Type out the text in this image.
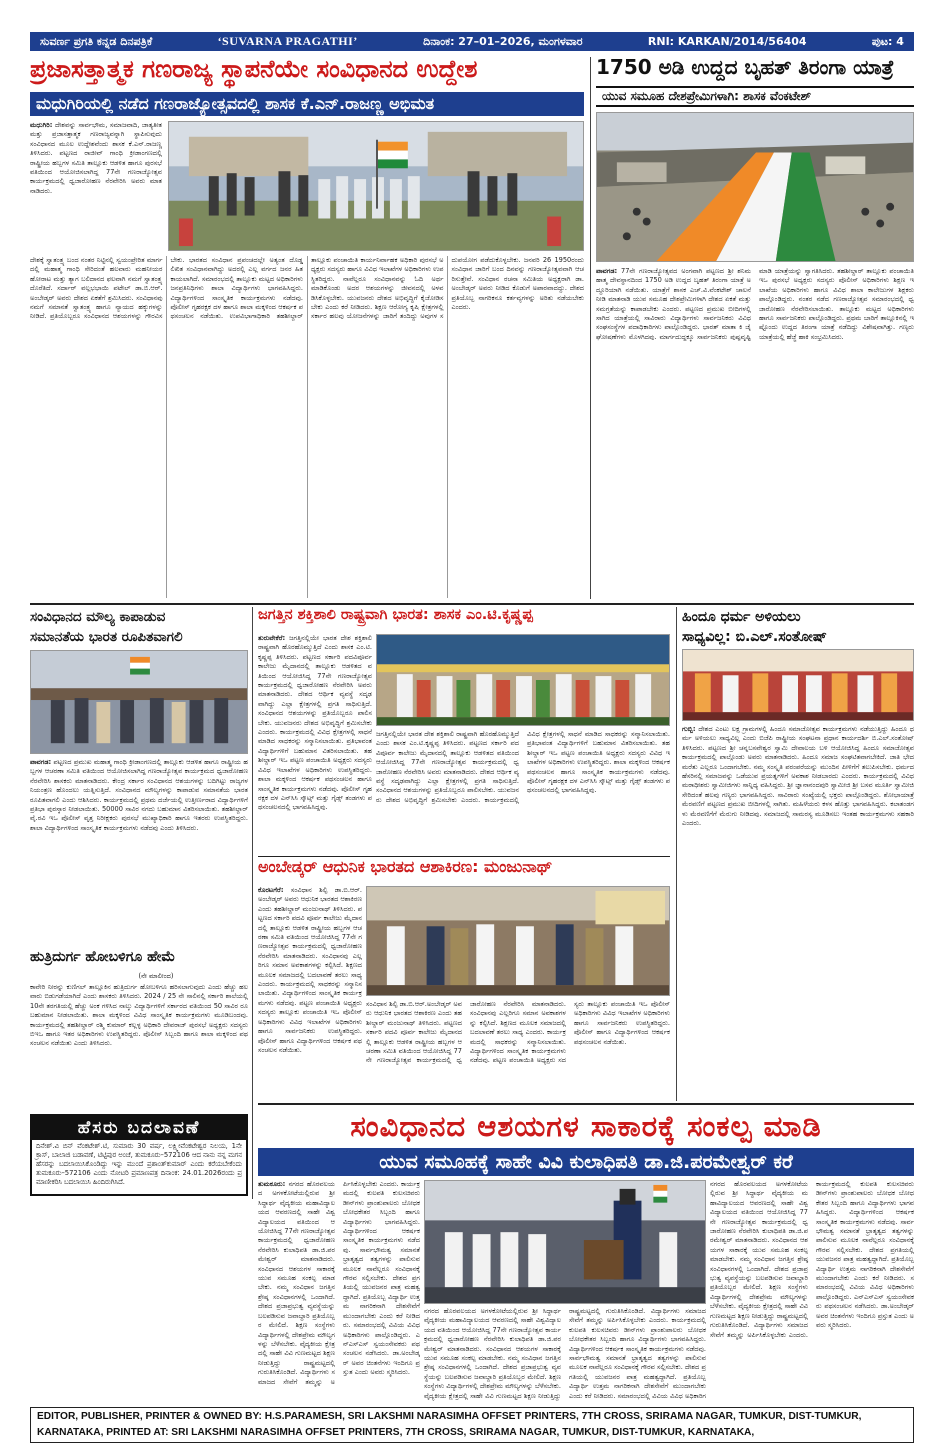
ಸುವರ್ಣ ಪ್ರಗತಿ ಕನ್ನಡ ದಿನಪತ್ರಿಕೆ	‘SUVARNA PRAGATHI’	ದಿನಾಂಕ: 27–01–2026, ಮಂಗಳವಾರ	RNI: KARKAN/2014/56404	ಪುಟ: 4
ಪ್ರಜಾಸತ್ತಾತ್ಮಕ ಗಣರಾಜ್ಯ ಸ್ಥಾಪನೆಯೇ ಸಂವಿಧಾನದ ಉದ್ದೇಶ
ಮಧುಗಿರಿಯಲ್ಲಿ ನಡೆದ ಗಣರಾಜ್ಯೋತ್ಸವದಲ್ಲಿ ಶಾಸಕ ಕೆ.ಎನ್.ರಾಜಣ್ಣ ಅಭಿಮತ
ಮಧುಗಿರಿ: ದೇಶವನ್ನು ಸಾರ್ವಭೌಮ, ಸಮಾಜವಾದಿ, ಜಾತ್ಯತೀತ ಮತ್ತು ಪ್ರಜಾಸತ್ತಾತ್ಮಕ ಗಣರಾಜ್ಯವನ್ನಾಗಿ ಸ್ಥಾಪಿಸುವುದು ಸಂವಿಧಾನದ ಮೂಲ ಉದ್ದೇಶವೆಂದು ಶಾಸಕ ಕೆ.ಎನ್.ರಾಜಣ್ಣ ತಿಳಿಸಿದರು. ಪಟ್ಟಣದ ರಾಜೀವ್ ಗಾಂಧಿ ಕ್ರೀಡಾಂಗಣದಲ್ಲಿ ರಾಷ್ಟ್ರೀಯ ಹಬ್ಬಗಳ ಸಮಿತಿ ತಾಲ್ಲೂಕು ಆಡಳಿತ ಹಾಗೂ ಪುರಸಭೆ ವತಿಯಿಂದ ಆಯೋಜಿಸಲಾಗಿದ್ದ 77ನೇ ಗಣರಾಜ್ಯೋತ್ಸವ ಕಾರ್ಯಕ್ರಮದಲ್ಲಿ ಧ್ವಜಾರೋಹಣ ನೆರವೇರಿಸಿ ಅವರು ಮಾತನಾಡಿದರು.
ದೇಶಕ್ಕೆ ಸ್ವಾತಂತ್ರ್ಯ ಬಂದ ನಂತರ ನಿಟ್ಟಿನಲ್ಲಿ ಸ್ವಯಂಪ್ರೇರಿತ ಮಾರ್ಗದಲ್ಲಿ ಮಹಾತ್ಮ ಗಾಂಧಿ ಸೇರಿದಂತೆ ಹಲವಾರು ಮಹನೀಯರ ಹೋರಾಟ ಮತ್ತು ತ್ಯಾಗ ಬಲಿದಾನದ ಫಲವಾಗಿ ನಮಗೆ ಸ್ವಾತಂತ್ರ್ಯ ದೊರೆತಿದೆ. ಸರ್ದಾರ್ ವಲ್ಲಭಭಾಯಿ ಪಟೇಲ್ ಡಾ.ಬಿ.ಆರ್.ಅಂಬೇಡ್ಕರ್ ಅವರು ದೇಶದ ಏಕತೆಗೆ ಶ್ರಮಿಸಿದರು. ಸಂವಿಧಾನವು ನಮಗೆ ಸಮಾನತೆ ಸ್ವಾತಂತ್ರ್ಯ ಹಾಗೂ ನ್ಯಾಯದ ಹಕ್ಕುಗಳನ್ನು ನೀಡಿದೆ. ಪ್ರತಿಯೊಬ್ಬರೂ ಸಂವಿಧಾನದ ಆಶಯಗಳನ್ನು ಗೌರವಿಸಬೇಕು. ಭಾರತದ ಸಂವಿಧಾನ ಪ್ರಪಂಚದಲ್ಲೇ ಅತ್ಯಂತ ದೊಡ್ಡ ಲಿಖಿತ ಸಂವಿಧಾನವಾಗಿದ್ದು ಅದರಲ್ಲಿ ಎಲ್ಲ ವರ್ಗದ ಜನರ ಹಿತ ಕಾಯಲಾಗಿದೆ. ಸಮಾರಂಭದಲ್ಲಿ ತಾಲ್ಲೂಕು ಮಟ್ಟದ ಅಧಿಕಾರಿಗಳು ಜನಪ್ರತಿನಿಧಿಗಳು ಶಾಲಾ ವಿದ್ಯಾರ್ಥಿಗಳು ಭಾಗವಹಿಸಿದ್ದರು. ವಿದ್ಯಾರ್ಥಿಗಳಿಂದ ಸಾಂಸ್ಕೃತಿಕ ಕಾರ್ಯಕ್ರಮಗಳು ನಡೆದವು. ಪೊಲೀಸ್ ಗೃಹರಕ್ಷಕ ದಳ ಹಾಗೂ ಶಾಲಾ ಮಕ್ಕಳಿಂದ ಆಕರ್ಷಕ ಪಥಸಂಚಲನ ನಡೆಯಿತು. ಉಪವಿಭಾಗಾಧಿಕಾರಿ ತಹಶೀಲ್ದಾರ್ ತಾಲ್ಲೂಕು ಪಂಚಾಯಿತಿ ಕಾರ್ಯನಿರ್ವಾಹಕ ಅಧಿಕಾರಿ ಪುರಸಭೆ ಅಧ್ಯಕ್ಷರು ಸದಸ್ಯರು ಹಾಗೂ ವಿವಿಧ ಇಲಾಖೆಗಳ ಅಧಿಕಾರಿಗಳು ಉಪಸ್ಥಿತರಿದ್ದರು. ನಾವೆಲ್ಲರೂ ಸಂವಿಧಾನವನ್ನು ಓದಿ ಅರ್ಥ ಮಾಡಿಕೊಂಡು ಅದರ ಆಶಯಗಳನ್ನು ಜೀವನದಲ್ಲಿ ಅಳವಡಿಸಿಕೊಳ್ಳಬೇಕು. ಯುವಜನರು ದೇಶದ ಅಭಿವೃದ್ಧಿಗೆ ಕೈಜೋಡಿಸಬೇಕು ಎಂದು ಕರೆ ನೀಡಿದರು. ಶಿಕ್ಷಣ ಆರೋಗ್ಯ ಕೃಷಿ ಕ್ಷೇತ್ರಗಳಲ್ಲಿ ಸರ್ಕಾರ ಹಲವು ಯೋಜನೆಗಳನ್ನು ಜಾರಿಗೆ ತಂದಿದ್ದು ಅವುಗಳ ಸದುಪಯೋಗ ಪಡೆದುಕೊಳ್ಳಬೇಕು. ಜನವರಿ 26 1950ರಂದು ಸಂವಿಧಾನ ಜಾರಿಗೆ ಬಂದ ದಿನವನ್ನು ಗಣರಾಜ್ಯೋತ್ಸವವಾಗಿ ಆಚರಿಸುತ್ತೇವೆ. ಸಂವಿಧಾನ ರಚನಾ ಸಮಿತಿಯ ಅಧ್ಯಕ್ಷರಾಗಿ ಡಾ.ಅಂಬೇಡ್ಕರ್ ಅವರು ನೀಡಿದ ಕೊಡುಗೆ ಅಪಾರವಾದದ್ದು. ದೇಶದ ಪ್ರತಿಯೊಬ್ಬ ನಾಗರಿಕನೂ ಕರ್ತವ್ಯಗಳನ್ನು ಅರಿತು ನಡೆಯಬೇಕು ಎಂದರು.
1750 ಅಡಿ ಉದ್ದದ ಬೃಹತ್ ತಿರಂಗಾ ಯಾತ್ರೆ
ಯುವ ಸಮೂಹ ದೇಶಪ್ರೇಮಿಗಳಾಗಿ: ಶಾಸಕ ವೆಂಕಟೇಶ್
ಪಾವಗಡ: 77ನೇ ಗಣರಾಜ್ಯೋತ್ಸವದ ಅಂಗವಾಗಿ ಪಟ್ಟಣದ ಶ್ರೀ ಶನಿಮಹಾತ್ಮ ದೇವಸ್ಥಾನದಿಂದ 1750 ಅಡಿ ಉದ್ದದ ಬೃಹತ್ ತಿರಂಗಾ ಯಾತ್ರೆ ಅದ್ದೂರಿಯಾಗಿ ನಡೆಯಿತು. ಯಾತ್ರೆಗೆ ಶಾಸಕ ಎಚ್.ವಿ.ವೆಂಕಟೇಶ್ ಚಾಲನೆ ನೀಡಿ ಮಾತನಾಡಿ ಯುವ ಸಮೂಹ ದೇಶಪ್ರೇಮಿಗಳಾಗಿ ದೇಶದ ಏಕತೆ ಮತ್ತು ಸಮಗ್ರತೆಯನ್ನು ಕಾಪಾಡಬೇಕು ಎಂದರು. ಪಟ್ಟಣದ ಪ್ರಮುಖ ಬೀದಿಗಳಲ್ಲಿ ಸಾಗಿದ ಯಾತ್ರೆಯಲ್ಲಿ ಸಾವಿರಾರು ವಿದ್ಯಾರ್ಥಿಗಳು ಸಾರ್ವಜನಿಕರು ವಿವಿಧ ಸಂಘಸಂಸ್ಥೆಗಳ ಪದಾಧಿಕಾರಿಗಳು ಪಾಲ್ಗೊಂಡಿದ್ದರು. ಭಾರತ್ ಮಾತಾ ಕಿ ಜೈ ಘೋಷಣೆಗಳು ಮೊಳಗಿದವು. ಮಾರ್ಗದುದ್ದಕ್ಕೂ ಸಾರ್ವಜನಿಕರು ಪುಷ್ಪವೃಷ್ಟಿ ಮಾಡಿ ಯಾತ್ರೆಯನ್ನು ಸ್ವಾಗತಿಸಿದರು. ತಹಶೀಲ್ದಾರ್ ತಾಲ್ಲೂಕು ಪಂಚಾಯಿತಿ ಇಒ ಪುರಸಭೆ ಅಧ್ಯಕ್ಷರು ಸದಸ್ಯರು ಪೊಲೀಸ್ ಅಧಿಕಾರಿಗಳು ಶಿಕ್ಷಣ ಇಲಾಖೆಯ ಅಧಿಕಾರಿಗಳು ಹಾಗೂ ವಿವಿಧ ಶಾಲಾ ಕಾಲೇಜುಗಳ ಶಿಕ್ಷಕರು ಪಾಲ್ಗೊಂಡಿದ್ದರು. ನಂತರ ನಡೆದ ಗಣರಾಜ್ಯೋತ್ಸವ ಸಮಾರಂಭದಲ್ಲಿ ಧ್ವಜಾರೋಹಣ ನೆರವೇರಿಸಲಾಯಿತು. ತಾಲ್ಲೂಕು ಮಟ್ಟದ ಅಧಿಕಾರಿಗಳು ಹಾಗೂ ಸಾರ್ವಜನಿಕರು ಪಾಲ್ಗೊಂಡಿದ್ದರು. ಪ್ರಥಮ ಬಾರಿಗೆ ತಾಲ್ಲೂಕಿನಲ್ಲಿ ಇಷ್ಟೊಂದು ಉದ್ದದ ತಿರಂಗಾ ಯಾತ್ರೆ ನಡೆದಿದ್ದು ವಿಶೇಷವಾಗಿತ್ತು. ಗಣ್ಯರು ಯಾತ್ರೆಯಲ್ಲಿ ಹೆಜ್ಜೆ ಹಾಕಿ ಸಂಭ್ರಮಿಸಿದರು.
ಸಂವಿಧಾನದ ಮೌಲ್ಯ ಕಾಪಾಡುವ
ಸಮಾನತೆಯ ಭಾರತ ರೂಪಿತವಾಗಲಿ
ಪಾವಗಡ: ಪಟ್ಟಣದ ಪ್ರಮುಖ ಮಹಾತ್ಮ ಗಾಂಧಿ ಕ್ರೀಡಾಂಗಣದಲ್ಲಿ ತಾಲ್ಲೂಕು ಆಡಳಿತ ಹಾಗೂ ರಾಷ್ಟ್ರೀಯ ಹಬ್ಬಗಳ ಆಚರಣಾ ಸಮಿತಿ ವತಿಯಿಂದ ಆಯೋಜಿಸಲಾಗಿದ್ದ ಗಣರಾಜ್ಯೋತ್ಸವ ಕಾರ್ಯಕ್ರಮದ ಧ್ವಜಾರೋಹಣ ನೆರವೇರಿಸಿ ಶಾಸಕರು ಮಾತನಾಡಿದರು. ಕೇಂದ್ರ ಸರ್ಕಾರ ಸಂವಿಧಾನದ ಆಶಯಗಳನ್ನು ಬದಿಗಿಟ್ಟು ರಾಜ್ಯಗಳ ನಿಯಂತ್ರಣ ಹೊಂದಲು ಯತ್ನಿಸುತ್ತಿದೆ. ಸಂವಿಧಾನದ ಮೌಲ್ಯಗಳನ್ನು ಕಾಪಾಡುವ ಸಮಾನತೆಯ ಭಾರತ ರೂಪಿತವಾಗಲಿ ಎಂದು ಆಶಿಸಿದರು. ಕಾರ್ಯಕ್ರಮದಲ್ಲಿ ಪ್ರಥಮ ದರ್ಜೆಯಲ್ಲಿ ಉತ್ತೀರ್ಣರಾದ ವಿದ್ಯಾರ್ಥಿಗಳಿಗೆ ಪ್ರತಿಭಾ ಪುರಸ್ಕಾರ ನೀಡಲಾಯಿತು. 50000 ಸಾವಿರ ನಗದು ಬಹುಮಾನ ವಿತರಿಸಲಾಯಿತು. ತಹಶೀಲ್ದಾರ್ ವೈ.ರವಿ ಇಒ ಪೊಲೀಸ್ ವೃತ್ತ ನಿರೀಕ್ಷಕರು ಪುರಸಭೆ ಮುಖ್ಯಾಧಿಕಾರಿ ಹಾಗೂ ಇತರರು ಉಪಸ್ಥಿತರಿದ್ದರು. ಶಾಲಾ ವಿದ್ಯಾರ್ಥಿಗಳಿಂದ ಸಾಂಸ್ಕೃತಿಕ ಕಾರ್ಯಕ್ರಮಗಳು ನಡೆದವು ಎಂದು ತಿಳಿಸಿದರು.
ಹುತ್ರಿದುರ್ಗ ಹೋಬಳಿಗೂ ಹೇಮೆ
(ನೇ ಮಾಲೀಂದ)
ಕಾವೇರಿ ನೀರನ್ನು ಕುಣಿಗಲ್ ತಾಲ್ಲೂಕಿನ ಹುತ್ರಿದುರ್ಗ ಹೋಬಳಿಗೂ ಹರಿಸಲಾಗುವುದು ಎಂದು ಹೆಚ್ಚು ಹಲವಾರು ಬಿಡುಗಡೆಯಾಗಿದೆ ಎಂದು ಶಾಸಕರು ತಿಳಿಸಿದರು. 2024 / 25 ನೇ ಸಾಲಿನಲ್ಲಿ ಸರ್ಕಾರಿ ಶಾಲೆಯಲ್ಲಿ 10ನೇ ತರಗತಿಯಲ್ಲಿ ಹೆಚ್ಚು ಅಂಕ ಗಳಿಸಿದ ನಾಲ್ಕು ವಿದ್ಯಾರ್ಥಿಗಳಿಗೆ ಸರ್ಕಾರದ ವತಿಯಿಂದ 50 ಸಾವಿರ ರೂ ಬಹುಮಾನ ನೀಡಲಾಯಿತು. ಶಾಲಾ ಮಕ್ಕಳಿಂದ ವಿವಿಧ ಸಾಂಸ್ಕೃತಿಕ ಕಾರ್ಯಕ್ರಮಗಳು ಮೂಡಿಬಂದವು. ಕಾರ್ಯಕ್ರಮದಲ್ಲಿ ತಹಶೀಲ್ದಾರ್ ರಶ್ಮಿ ಕುಮಾರ್ ಕಲ್ಲಳ್ಳ ಅಧಿಕಾರಿ ದೇವರಾಜ್ ಪುರಸಭೆ ಅಧ್ಯಕ್ಷರು ಸದಸ್ಯರು ಬಿಇಒ ಹಾಗೂ ಇತರ ಅಧಿಕಾರಿಗಳು ಉಪಸ್ಥಿತರಿದ್ದರು. ಪೊಲೀಸ್ ಸಿಬ್ಬಂದಿ ಹಾಗೂ ಶಾಲಾ ಮಕ್ಕಳಿಂದ ಪಥಸಂಚಲನ ನಡೆಯಿತು ಎಂದು ತಿಳಿಸಿದರು.
ಹೆಸರು ಬದಲಾವಣೆ
ದಿನೇಶ್.ವಿ ಬಿನ್ ವೆಂಕಟೇಶ್.ಟಿ, ಸುಮಾರು 30 ವರ್ಷ, ಲಕ್ಷ್ಮೀವೆಂಕಟೇಶ್ವರ ನಿಲಯ, 1ನೇ ಕ್ರಾಸ್, ಬಾಲಾಜಿ ಬಡಾವಣೆ, ಟಿಟ್ಟಿಪುರ ಅಂಚೆ, ತುಮಕೂರು–572106 ಆದ ನಾನು ನನ್ನ ಮಗನ ಹೆಸರನ್ನು ಬದಲಾಯಿಸಿಕೊಂಡಿದ್ದು ಇನ್ನು ಮುಂದೆ ಪ್ರಶಾಂತ್‌ಕುಮಾರ್ ಎಂದು ಕರೆಯಬೇಕೆಂದು ತುಮಕೂರು–572106 ಎಂದು ನೋಟರಿ ಪ್ರಮಾಣಪತ್ರ ದಿನಾಂಕ: 24.01.2026ರಂದು ಪ್ರಮಾಣೀಕರಿಸಿ ಬದಲಾಯಿಸಿ ಹಿಂದಿರುಗಿಸಿದೆ.
ಜಗತ್ತಿನ ಶಕ್ತಿಶಾಲಿ ರಾಷ್ಟ್ರವಾಗಿ ಭಾರತ: ಶಾಸಕ ಎಂ.ಟಿ.ಕೃಷ್ಣಪ್ಪ
ತುರುವೇಕೆರೆ: ಜಗತ್ತಿನಲ್ಲಿಯೇ ಭಾರತ ದೇಶ ಶಕ್ತಿಶಾಲಿ ರಾಷ್ಟ್ರವಾಗಿ ಹೊರಹೊಮ್ಮುತ್ತಿದೆ ಎಂದು ಶಾಸಕ ಎಂ.ಟಿ.ಕೃಷ್ಣಪ್ಪ ತಿಳಿಸಿದರು. ಪಟ್ಟಣದ ಸರ್ಕಾರಿ ಪದವಿಪೂರ್ವ ಕಾಲೇಜು ಮೈದಾನದಲ್ಲಿ ತಾಲ್ಲೂಕು ಆಡಳಿತದ ವತಿಯಿಂದ ಆಯೋಜಿಸಿದ್ದ 77ನೇ ಗಣರಾಜ್ಯೋತ್ಸವ ಕಾರ್ಯಕ್ರಮದಲ್ಲಿ ಧ್ವಜಾರೋಹಣ ನೆರವೇರಿಸಿ ಅವರು ಮಾತನಾಡಿದರು. ದೇಶದ ಆರ್ಥಿಕ ವ್ಯವಸ್ಥೆ ಸದೃಢವಾಗಿದ್ದು ಎಲ್ಲಾ ಕ್ಷೇತ್ರಗಳಲ್ಲಿ ಪ್ರಗತಿ ಸಾಧಿಸುತ್ತಿದೆ. ಸಂವಿಧಾನದ ಆಶಯಗಳನ್ನು ಪ್ರತಿಯೊಬ್ಬರೂ ಪಾಲಿಸಬೇಕು. ಯುವಜನರು ದೇಶದ ಅಭಿವೃದ್ಧಿಗೆ ಶ್ರಮಿಸಬೇಕು ಎಂದರು. ಕಾರ್ಯಕ್ರಮದಲ್ಲಿ ವಿವಿಧ ಕ್ಷೇತ್ರಗಳಲ್ಲಿ ಸಾಧನೆ ಮಾಡಿದ ಸಾಧಕರನ್ನು ಸನ್ಮಾನಿಸಲಾಯಿತು. ಪ್ರತಿಭಾವಂತ ವಿದ್ಯಾರ್ಥಿಗಳಿಗೆ ಬಹುಮಾನ ವಿತರಿಸಲಾಯಿತು. ತಹಶೀಲ್ದಾರ್ ಇಒ ಪಟ್ಟಣ ಪಂಚಾಯಿತಿ ಅಧ್ಯಕ್ಷರು ಸದಸ್ಯರು ವಿವಿಧ ಇಲಾಖೆಗಳ ಅಧಿಕಾರಿಗಳು ಉಪಸ್ಥಿತರಿದ್ದರು. ಶಾಲಾ ಮಕ್ಕಳಿಂದ ಆಕರ್ಷಕ ಪಥಸಂಚಲನ ಹಾಗೂ ಸಾಂಸ್ಕೃತಿಕ ಕಾರ್ಯಕ್ರಮಗಳು ನಡೆದವು. ಪೊಲೀಸ್ ಗೃಹರಕ್ಷಕ ದಳ ಎನ್‌ಸಿಸಿ ಸ್ಕೌಟ್ಸ್ ಮತ್ತು ಗೈಡ್ಸ್ ತಂಡಗಳು ಪಥಸಂಚಲನದಲ್ಲಿ ಭಾಗವಹಿಸಿದ್ದವು.
ಜಗತ್ತಿನಲ್ಲಿಯೇ ಭಾರತ ದೇಶ ಶಕ್ತಿಶಾಲಿ ರಾಷ್ಟ್ರವಾಗಿ ಹೊರಹೊಮ್ಮುತ್ತಿದೆ ಎಂದು ಶಾಸಕ ಎಂ.ಟಿ.ಕೃಷ್ಣಪ್ಪ ತಿಳಿಸಿದರು. ಪಟ್ಟಣದ ಸರ್ಕಾರಿ ಪದವಿಪೂರ್ವ ಕಾಲೇಜು ಮೈದಾನದಲ್ಲಿ ತಾಲ್ಲೂಕು ಆಡಳಿತದ ವತಿಯಿಂದ ಆಯೋಜಿಸಿದ್ದ 77ನೇ ಗಣರಾಜ್ಯೋತ್ಸವ ಕಾರ್ಯಕ್ರಮದಲ್ಲಿ ಧ್ವಜಾರೋಹಣ ನೆರವೇರಿಸಿ ಅವರು ಮಾತನಾಡಿದರು. ದೇಶದ ಆರ್ಥಿಕ ವ್ಯವಸ್ಥೆ ಸದೃಢವಾಗಿದ್ದು ಎಲ್ಲಾ ಕ್ಷೇತ್ರಗಳಲ್ಲಿ ಪ್ರಗತಿ ಸಾಧಿಸುತ್ತಿದೆ. ಸಂವಿಧಾನದ ಆಶಯಗಳನ್ನು ಪ್ರತಿಯೊಬ್ಬರೂ ಪಾಲಿಸಬೇಕು. ಯುವಜನರು ದೇಶದ ಅಭಿವೃದ್ಧಿಗೆ ಶ್ರಮಿಸಬೇಕು ಎಂದರು. ಕಾರ್ಯಕ್ರಮದಲ್ಲಿ ವಿವಿಧ ಕ್ಷೇತ್ರಗಳಲ್ಲಿ ಸಾಧನೆ ಮಾಡಿದ ಸಾಧಕರನ್ನು ಸನ್ಮಾನಿಸಲಾಯಿತು. ಪ್ರತಿಭಾವಂತ ವಿದ್ಯಾರ್ಥಿಗಳಿಗೆ ಬಹುಮಾನ ವಿತರಿಸಲಾಯಿತು. ತಹಶೀಲ್ದಾರ್ ಇಒ ಪಟ್ಟಣ ಪಂಚಾಯಿತಿ ಅಧ್ಯಕ್ಷರು ಸದಸ್ಯರು ವಿವಿಧ ಇಲಾಖೆಗಳ ಅಧಿಕಾರಿಗಳು ಉಪಸ್ಥಿತರಿದ್ದರು. ಶಾಲಾ ಮಕ್ಕಳಿಂದ ಆಕರ್ಷಕ ಪಥಸಂಚಲನ ಹಾಗೂ ಸಾಂಸ್ಕೃತಿಕ ಕಾರ್ಯಕ್ರಮಗಳು ನಡೆದವು. ಪೊಲೀಸ್ ಗೃಹರಕ್ಷಕ ದಳ ಎನ್‌ಸಿಸಿ ಸ್ಕೌಟ್ಸ್ ಮತ್ತು ಗೈಡ್ಸ್ ತಂಡಗಳು ಪಥಸಂಚಲನದಲ್ಲಿ ಭಾಗವಹಿಸಿದ್ದವು.
ಅಂಬೇಡ್ಕರ್ ಆಧುನಿಕ ಭಾರತದ ಆಶಾಕಿರಣ: ಮಂಜುನಾಥ್
ಕೊರಟಗೆರೆ: ಸಂವಿಧಾನ ಶಿಲ್ಪಿ ಡಾ.ಬಿ.ಆರ್.ಅಂಬೇಡ್ಕರ್ ಅವರು ಆಧುನಿಕ ಭಾರತದ ಆಶಾಕಿರಣ ಎಂದು ತಹಶೀಲ್ದಾರ್ ಮಂಜುನಾಥ್ ತಿಳಿಸಿದರು. ಪಟ್ಟಣದ ಸರ್ಕಾರಿ ಪದವಿ ಪೂರ್ವ ಕಾಲೇಜು ಮೈದಾನದಲ್ಲಿ ತಾಲ್ಲೂಕು ಆಡಳಿತ ರಾಷ್ಟ್ರೀಯ ಹಬ್ಬಗಳ ಆಚರಣಾ ಸಮಿತಿ ವತಿಯಿಂದ ಆಯೋಜಿಸಿದ್ದ 77ನೇ ಗಣರಾಜ್ಯೋತ್ಸವ ಕಾರ್ಯಕ್ರಮದಲ್ಲಿ ಧ್ವಜಾರೋಹಣ ನೆರವೇರಿಸಿ ಮಾತನಾಡಿದರು. ಸಂವಿಧಾನವು ಎಲ್ಲರಿಗೂ ಸಮಾನ ಅವಕಾಶಗಳನ್ನು ಕಲ್ಪಿಸಿದೆ. ಶಿಕ್ಷಣದ ಮೂಲಕ ಸಮಾಜದಲ್ಲಿ ಬದಲಾವಣೆ ತರಲು ಸಾಧ್ಯ ಎಂದರು. ಕಾರ್ಯಕ್ರಮದಲ್ಲಿ ಸಾಧಕರನ್ನು ಸನ್ಮಾನಿಸಲಾಯಿತು. ವಿದ್ಯಾರ್ಥಿಗಳಿಂದ ಸಾಂಸ್ಕೃತಿಕ ಕಾರ್ಯಕ್ರಮಗಳು ನಡೆದವು. ಪಟ್ಟಣ ಪಂಚಾಯಿತಿ ಅಧ್ಯಕ್ಷರು ಸದಸ್ಯರು ತಾಲ್ಲೂಕು ಪಂಚಾಯಿತಿ ಇಒ ಪೊಲೀಸ್ ಅಧಿಕಾರಿಗಳು ವಿವಿಧ ಇಲಾಖೆಗಳ ಅಧಿಕಾರಿಗಳು ಹಾಗೂ ಸಾರ್ವಜನಿಕರು ಉಪಸ್ಥಿತರಿದ್ದರು. ಪೊಲೀಸ್ ಹಾಗೂ ವಿದ್ಯಾರ್ಥಿಗಳಿಂದ ಆಕರ್ಷಕ ಪಥಸಂಚಲನ ನಡೆಯಿತು.
ಸಂವಿಧಾನ ಶಿಲ್ಪಿ ಡಾ.ಬಿ.ಆರ್.ಅಂಬೇಡ್ಕರ್ ಅವರು ಆಧುನಿಕ ಭಾರತದ ಆಶಾಕಿರಣ ಎಂದು ತಹಶೀಲ್ದಾರ್ ಮಂಜುನಾಥ್ ತಿಳಿಸಿದರು. ಪಟ್ಟಣದ ಸರ್ಕಾರಿ ಪದವಿ ಪೂರ್ವ ಕಾಲೇಜು ಮೈದಾನದಲ್ಲಿ ತಾಲ್ಲೂಕು ಆಡಳಿತ ರಾಷ್ಟ್ರೀಯ ಹಬ್ಬಗಳ ಆಚರಣಾ ಸಮಿತಿ ವತಿಯಿಂದ ಆಯೋಜಿಸಿದ್ದ 77ನೇ ಗಣರಾಜ್ಯೋತ್ಸವ ಕಾರ್ಯಕ್ರಮದಲ್ಲಿ ಧ್ವಜಾರೋಹಣ ನೆರವೇರಿಸಿ ಮಾತನಾಡಿದರು. ಸಂವಿಧಾನವು ಎಲ್ಲರಿಗೂ ಸಮಾನ ಅವಕಾಶಗಳನ್ನು ಕಲ್ಪಿಸಿದೆ. ಶಿಕ್ಷಣದ ಮೂಲಕ ಸಮಾಜದಲ್ಲಿ ಬದಲಾವಣೆ ತರಲು ಸಾಧ್ಯ ಎಂದರು. ಕಾರ್ಯಕ್ರಮದಲ್ಲಿ ಸಾಧಕರನ್ನು ಸನ್ಮಾನಿಸಲಾಯಿತು. ವಿದ್ಯಾರ್ಥಿಗಳಿಂದ ಸಾಂಸ್ಕೃತಿಕ ಕಾರ್ಯಕ್ರಮಗಳು ನಡೆದವು. ಪಟ್ಟಣ ಪಂಚಾಯಿತಿ ಅಧ್ಯಕ್ಷರು ಸದಸ್ಯರು ತಾಲ್ಲೂಕು ಪಂಚಾಯಿತಿ ಇಒ ಪೊಲೀಸ್ ಅಧಿಕಾರಿಗಳು ವಿವಿಧ ಇಲಾಖೆಗಳ ಅಧಿಕಾರಿಗಳು ಹಾಗೂ ಸಾರ್ವಜನಿಕರು ಉಪಸ್ಥಿತರಿದ್ದರು. ಪೊಲೀಸ್ ಹಾಗೂ ವಿದ್ಯಾರ್ಥಿಗಳಿಂದ ಆಕರ್ಷಕ ಪಥಸಂಚಲನ ನಡೆಯಿತು.
ಹಿಂದೂ ಧರ್ಮ ಅಳಿಯಲು
ಸಾಧ್ಯವಿಲ್ಲ: ಬಿ.ಎಲ್.ಸಂತೋಷ್
ಗುಬ್ಬಿ: ದೇಶದ ಎಂಟು ಲಕ್ಷ ಗ್ರಾಮಗಳಲ್ಲಿ ಹಿಂದೂ ಸಮಾಜೋತ್ಸವ ಕಾರ್ಯಕ್ರಮಗಳು ನಡೆಯುತ್ತಿದ್ದು ಹಿಂದೂ ಧರ್ಮ ಅಳಿಯಲು ಸಾಧ್ಯವಿಲ್ಲ ಎಂದು ಬಿಜೆಪಿ ರಾಷ್ಟ್ರೀಯ ಸಂಘಟನಾ ಪ್ರಧಾನ ಕಾರ್ಯದರ್ಶಿ ಬಿ.ಎಲ್.ಸಂತೋಷ್ ತಿಳಿಸಿದರು. ಪಟ್ಟಣದ ಶ್ರೀ ಚನ್ನಬಸವೇಶ್ವರ ಸ್ವಾಮಿ ದೇವಾಲಯ ಬಳಿ ಆಯೋಜಿಸಿದ್ದ ಹಿಂದೂ ಸಮಾಜೋತ್ಸವ ಕಾರ್ಯಕ್ರಮದಲ್ಲಿ ಪಾಲ್ಗೊಂಡು ಅವರು ಮಾತನಾಡಿದರು. ಹಿಂದೂ ಸಮಾಜ ಸಂಘಟಿತವಾಗಬೇಕಿದೆ. ಜಾತಿ ಭೇದ ಮರೆತು ಎಲ್ಲರೂ ಒಂದಾಗಬೇಕು. ನಮ್ಮ ಸಂಸ್ಕೃತಿ ಪರಂಪರೆಯನ್ನು ಮುಂದಿನ ಪೀಳಿಗೆಗೆ ತಲುಪಿಸಬೇಕು. ಧರ್ಮದ ಹೆಸರಿನಲ್ಲಿ ಸಮಾಜವನ್ನು ಒಡೆಯುವ ಪ್ರಯತ್ನಗಳಿಗೆ ಅವಕಾಶ ನೀಡಬಾರದು ಎಂದರು. ಕಾರ್ಯಕ್ರಮದಲ್ಲಿ ವಿವಿಧ ಮಠಾಧೀಶರು ಸ್ವಾಮೀಜಿಗಳು ಸಾನ್ನಿಧ್ಯ ವಹಿಸಿದ್ದರು. ಶ್ರೀ ಜ್ಞಾನಾನಂದಪುರಿ ಸ್ವಾಮೀಜಿ ಶ್ರೀ ಬಸವ ಮೂರ್ತಿ ಸ್ವಾಮೀಜಿ ಸೇರಿದಂತೆ ಹಲವು ಗಣ್ಯರು ಭಾಗವಹಿಸಿದ್ದರು. ಸಾವಿರಾರು ಸಂಖ್ಯೆಯಲ್ಲಿ ಭಕ್ತರು ಪಾಲ್ಗೊಂಡಿದ್ದರು. ಶೋಭಾಯಾತ್ರೆ ಮೆರವಣಿಗೆ ಪಟ್ಟಣದ ಪ್ರಮುಖ ಬೀದಿಗಳಲ್ಲಿ ಸಾಗಿತು. ಮಹಿಳೆಯರು ಕಳಸ ಹೊತ್ತು ಭಾಗವಹಿಸಿದ್ದರು. ಕಲಾತಂಡಗಳು ಮೆರವಣಿಗೆಗೆ ಮೆರುಗು ನೀಡಿದವು. ಸಮಾಜದಲ್ಲಿ ಸಾಮರಸ್ಯ ಮೂಡಿಸಲು ಇಂತಹ ಕಾರ್ಯಕ್ರಮಗಳು ಸಹಕಾರಿ ಎಂದರು.
ಸಂವಿಧಾನದ ಆಶಯಗಳ ಸಾಕಾರಕ್ಕೆ ಸಂಕಲ್ಪ ಮಾಡಿ
ಯುವ ಸಮೂಹಕ್ಕೆ ಸಾಹೇ ವಿವಿ ಕುಲಾಧಿಪತಿ ಡಾ.ಜಿ.ಪರಮೇಶ್ವರ್ ಕರೆ
ತುಮಕೂರು: ನಗರದ ಹೊರವಲಯದ ಅಗಳಕೋಟೆಯಲ್ಲಿರುವ ಶ್ರೀ ಸಿದ್ಧಾರ್ಥ ವೈದ್ಯಕೀಯ ಮಹಾವಿದ್ಯಾಲಯದ ಆವರಣದಲ್ಲಿ ಸಾಹೇ ವಿಶ್ವವಿದ್ಯಾಲಯದ ವತಿಯಿಂದ ಆಯೋಜಿಸಿದ್ದ 77ನೇ ಗಣರಾಜ್ಯೋತ್ಸವ ಕಾರ್ಯಕ್ರಮದಲ್ಲಿ ಧ್ವಜಾರೋಹಣ ನೆರವೇರಿಸಿ ಕುಲಾಧಿಪತಿ ಡಾ.ಜಿ.ಪರಮೇಶ್ವರ್ ಮಾತನಾಡಿದರು. ಸಂವಿಧಾನದ ಆಶಯಗಳ ಸಾಕಾರಕ್ಕೆ ಯುವ ಸಮೂಹ ಸಂಕಲ್ಪ ಮಾಡಬೇಕು. ನಮ್ಮ ಸಂವಿಧಾನ ಜಗತ್ತಿನ ಶ್ರೇಷ್ಠ ಸಂವಿಧಾನಗಳಲ್ಲಿ ಒಂದಾಗಿದೆ. ದೇಶದ ಪ್ರಜಾಪ್ರಭುತ್ವ ವ್ಯವಸ್ಥೆಯನ್ನು ಬಲಪಡಿಸುವ ಜವಾಬ್ದಾರಿ ಪ್ರತಿಯೊಬ್ಬರ ಮೇಲಿದೆ. ಶಿಕ್ಷಣ ಸಂಸ್ಥೆಗಳು ವಿದ್ಯಾರ್ಥಿಗಳಲ್ಲಿ ದೇಶಪ್ರೇಮ ಮೌಲ್ಯಗಳನ್ನು ಬೆಳೆಸಬೇಕು. ವೈದ್ಯಕೀಯ ಕ್ಷೇತ್ರದಲ್ಲಿ ಸಾಹೇ ವಿವಿ ಗುಣಮಟ್ಟದ ಶಿಕ್ಷಣ ನೀಡುತ್ತಿದ್ದು ರಾಷ್ಟ್ರಮಟ್ಟದಲ್ಲಿ ಗುರುತಿಸಿಕೊಂಡಿದೆ. ವಿದ್ಯಾರ್ಥಿಗಳು ಸಮಾಜದ ಸೇವೆಗೆ ತಮ್ಮನ್ನು ಅರ್ಪಿಸಿಕೊಳ್ಳಬೇಕು ಎಂದರು. ಕಾರ್ಯಕ್ರಮದಲ್ಲಿ ಕುಲಪತಿ ಕುಲಸಚಿವರು ಡೀನ್‌ಗಳು ಪ್ರಾಂಶುಪಾಲರು ಬೋಧಕ ಬೋಧಕೇತರ ಸಿಬ್ಬಂದಿ ಹಾಗೂ ವಿದ್ಯಾರ್ಥಿಗಳು ಭಾಗವಹಿಸಿದ್ದರು. ವಿದ್ಯಾರ್ಥಿಗಳಿಂದ ಆಕರ್ಷಕ ಸಾಂಸ್ಕೃತಿಕ ಕಾರ್ಯಕ್ರಮಗಳು ನಡೆದವು. ಸಾರ್ವಭೌಮತ್ವ ಸಮಾನತೆ ಭ್ರಾತೃತ್ವದ ತತ್ವಗಳನ್ನು ಪಾಲಿಸುವ ಮೂಲಕ ನಾವೆಲ್ಲರೂ ಸಂವಿಧಾನಕ್ಕೆ ಗೌರವ ಸಲ್ಲಿಸಬೇಕು. ದೇಶದ ಪ್ರಗತಿಯಲ್ಲಿ ಯುವಜನರ ಪಾತ್ರ ಮಹತ್ವದ್ದಾಗಿದೆ. ಪ್ರತಿಯೊಬ್ಬ ವಿದ್ಯಾರ್ಥಿ ಉತ್ತಮ ನಾಗರಿಕನಾಗಿ ದೇಶಸೇವೆಗೆ ಮುಂದಾಗಬೇಕು ಎಂದು ಕರೆ ನೀಡಿದರು. ಸಮಾರಂಭದಲ್ಲಿ ವಿವಿಯ ವಿವಿಧ ಅಧಿಕಾರಿಗಳು ಪಾಲ್ಗೊಂಡಿದ್ದರು. ಎನ್‌ಎಸ್‌ಎಸ್ ಸ್ವಯಂಸೇವಕರು ಪಥಸಂಚಲನ ನಡೆಸಿದರು. ಡಾ.ಅಂಬೇಡ್ಕರ್ ಅವರ ಚಿಂತನೆಗಳು ಇಂದಿಗೂ ಪ್ರಸ್ತುತ ಎಂದು ಅವರು ಸ್ಮರಿಸಿದರು.
ನಗರದ ಹೊರವಲಯದ ಅಗಳಕೋಟೆಯಲ್ಲಿರುವ ಶ್ರೀ ಸಿದ್ಧಾರ್ಥ ವೈದ್ಯಕೀಯ ಮಹಾವಿದ್ಯಾಲಯದ ಆವರಣದಲ್ಲಿ ಸಾಹೇ ವಿಶ್ವವಿದ್ಯಾಲಯದ ವತಿಯಿಂದ ಆಯೋಜಿಸಿದ್ದ 77ನೇ ಗಣರಾಜ್ಯೋತ್ಸವ ಕಾರ್ಯಕ್ರಮದಲ್ಲಿ ಧ್ವಜಾರೋಹಣ ನೆರವೇರಿಸಿ ಕುಲಾಧಿಪತಿ ಡಾ.ಜಿ.ಪರಮೇಶ್ವರ್ ಮಾತನಾಡಿದರು. ಸಂವಿಧಾನದ ಆಶಯಗಳ ಸಾಕಾರಕ್ಕೆ ಯುವ ಸಮೂಹ ಸಂಕಲ್ಪ ಮಾಡಬೇಕು. ನಮ್ಮ ಸಂವಿಧಾನ ಜಗತ್ತಿನ ಶ್ರೇಷ್ಠ ಸಂವಿಧಾನಗಳಲ್ಲಿ ಒಂದಾಗಿದೆ. ದೇಶದ ಪ್ರಜಾಪ್ರಭುತ್ವ ವ್ಯವಸ್ಥೆಯನ್ನು ಬಲಪಡಿಸುವ ಜವಾಬ್ದಾರಿ ಪ್ರತಿಯೊಬ್ಬರ ಮೇಲಿದೆ. ಶಿಕ್ಷಣ ಸಂಸ್ಥೆಗಳು ವಿದ್ಯಾರ್ಥಿಗಳಲ್ಲಿ ದೇಶಪ್ರೇಮ ಮೌಲ್ಯಗಳನ್ನು ಬೆಳೆಸಬೇಕು. ವೈದ್ಯಕೀಯ ಕ್ಷೇತ್ರದಲ್ಲಿ ಸಾಹೇ ವಿವಿ ಗುಣಮಟ್ಟದ ಶಿಕ್ಷಣ ನೀಡುತ್ತಿದ್ದು ರಾಷ್ಟ್ರಮಟ್ಟದಲ್ಲಿ ಗುರುತಿಸಿಕೊಂಡಿದೆ. ವಿದ್ಯಾರ್ಥಿಗಳು ಸಮಾಜದ ಸೇವೆಗೆ ತಮ್ಮನ್ನು ಅರ್ಪಿಸಿಕೊಳ್ಳಬೇಕು ಎಂದರು. ಕಾರ್ಯಕ್ರಮದಲ್ಲಿ ಕುಲಪತಿ ಕುಲಸಚಿವರು ಡೀನ್‌ಗಳು ಪ್ರಾಂಶುಪಾಲರು ಬೋಧಕ ಬೋಧಕೇತರ ಸಿಬ್ಬಂದಿ ಹಾಗೂ ವಿದ್ಯಾರ್ಥಿಗಳು ಭಾಗವಹಿಸಿದ್ದರು. ವಿದ್ಯಾರ್ಥಿಗಳಿಂದ ಆಕರ್ಷಕ ಸಾಂಸ್ಕೃತಿಕ ಕಾರ್ಯಕ್ರಮಗಳು ನಡೆದವು. ಸಾರ್ವಭೌಮತ್ವ ಸಮಾನತೆ ಭ್ರಾತೃತ್ವದ ತತ್ವಗಳನ್ನು ಪಾಲಿಸುವ ಮೂಲಕ ನಾವೆಲ್ಲರೂ ಸಂವಿಧಾನಕ್ಕೆ ಗೌರವ ಸಲ್ಲಿಸಬೇಕು. ದೇಶದ ಪ್ರಗತಿಯಲ್ಲಿ ಯುವಜನರ ಪಾತ್ರ ಮಹತ್ವದ್ದಾಗಿದೆ. ಪ್ರತಿಯೊಬ್ಬ ವಿದ್ಯಾರ್ಥಿ ಉತ್ತಮ ನಾಗರಿಕನಾಗಿ ದೇಶಸೇವೆಗೆ ಮುಂದಾಗಬೇಕು ಎಂದು ಕರೆ ನೀಡಿದರು. ಸಮಾರಂಭದಲ್ಲಿ ವಿವಿಯ ವಿವಿಧ ಅಧಿಕಾರಿಗ
ನಗರದ ಹೊರವಲಯದ ಅಗಳಕೋಟೆಯಲ್ಲಿರುವ ಶ್ರೀ ಸಿದ್ಧಾರ್ಥ ವೈದ್ಯಕೀಯ ಮಹಾವಿದ್ಯಾಲಯದ ಆವರಣದಲ್ಲಿ ಸಾಹೇ ವಿಶ್ವವಿದ್ಯಾಲಯದ ವತಿಯಿಂದ ಆಯೋಜಿಸಿದ್ದ 77ನೇ ಗಣರಾಜ್ಯೋತ್ಸವ ಕಾರ್ಯಕ್ರಮದಲ್ಲಿ ಧ್ವಜಾರೋಹಣ ನೆರವೇರಿಸಿ ಕುಲಾಧಿಪತಿ ಡಾ.ಜಿ.ಪರಮೇಶ್ವರ್ ಮಾತನಾಡಿದರು. ಸಂವಿಧಾನದ ಆಶಯಗಳ ಸಾಕಾರಕ್ಕೆ ಯುವ ಸಮೂಹ ಸಂಕಲ್ಪ ಮಾಡಬೇಕು. ನಮ್ಮ ಸಂವಿಧಾನ ಜಗತ್ತಿನ ಶ್ರೇಷ್ಠ ಸಂವಿಧಾನಗಳಲ್ಲಿ ಒಂದಾಗಿದೆ. ದೇಶದ ಪ್ರಜಾಪ್ರಭುತ್ವ ವ್ಯವಸ್ಥೆಯನ್ನು ಬಲಪಡಿಸುವ ಜವಾಬ್ದಾರಿ ಪ್ರತಿಯೊಬ್ಬರ ಮೇಲಿದೆ. ಶಿಕ್ಷಣ ಸಂಸ್ಥೆಗಳು ವಿದ್ಯಾರ್ಥಿಗಳಲ್ಲಿ ದೇಶಪ್ರೇಮ ಮೌಲ್ಯಗಳನ್ನು ಬೆಳೆಸಬೇಕು. ವೈದ್ಯಕೀಯ ಕ್ಷೇತ್ರದಲ್ಲಿ ಸಾಹೇ ವಿವಿ ಗುಣಮಟ್ಟದ ಶಿಕ್ಷಣ ನೀಡುತ್ತಿದ್ದು ರಾಷ್ಟ್ರಮಟ್ಟದಲ್ಲಿ ಗುರುತಿಸಿಕೊಂಡಿದೆ. ವಿದ್ಯಾರ್ಥಿಗಳು ಸಮಾಜದ ಸೇವೆಗೆ ತಮ್ಮನ್ನು ಅರ್ಪಿಸಿಕೊಳ್ಳಬೇಕು ಎಂದರು. ಕಾರ್ಯಕ್ರಮದಲ್ಲಿ ಕುಲಪತಿ ಕುಲಸಚಿವರು ಡೀನ್‌ಗಳು ಪ್ರಾಂಶುಪಾಲರು ಬೋಧಕ ಬೋಧಕೇತರ ಸಿಬ್ಬಂದಿ ಹಾಗೂ ವಿದ್ಯಾರ್ಥಿಗಳು ಭಾಗವಹಿಸಿದ್ದರು. ವಿದ್ಯಾರ್ಥಿಗಳಿಂದ ಆಕರ್ಷಕ ಸಾಂಸ್ಕೃತಿಕ ಕಾರ್ಯಕ್ರಮಗಳು ನಡೆದವು. ಸಾರ್ವಭೌಮತ್ವ ಸಮಾನತೆ ಭ್ರಾತೃತ್ವದ ತತ್ವಗಳನ್ನು ಪಾಲಿಸುವ ಮೂಲಕ ನಾವೆಲ್ಲರೂ ಸಂವಿಧಾನಕ್ಕೆ ಗೌರವ ಸಲ್ಲಿಸಬೇಕು. ದೇಶದ ಪ್ರಗತಿಯಲ್ಲಿ ಯುವಜನರ ಪಾತ್ರ ಮಹತ್ವದ್ದಾಗಿದೆ. ಪ್ರತಿಯೊಬ್ಬ ವಿದ್ಯಾರ್ಥಿ ಉತ್ತಮ ನಾಗರಿಕನಾಗಿ ದೇಶಸೇವೆಗೆ ಮುಂದಾಗಬೇಕು ಎಂದು ಕರೆ ನೀಡಿದರು. ಸಮಾರಂಭದಲ್ಲಿ ವಿವಿಯ ವಿವಿಧ ಅಧಿಕಾರಿಗಳು ಪಾಲ್ಗೊಂಡಿದ್ದರು. ಎನ್‌ಎಸ್‌ಎಸ್ ಸ್ವಯಂಸೇವಕರು ಪಥಸಂಚಲನ ನಡೆಸಿದರು. ಡಾ.ಅಂಬೇಡ್ಕರ್ ಅವರ ಚಿಂತನೆಗಳು ಇಂದಿಗೂ ಪ್ರಸ್ತುತ ಎಂದು ಅವರು ಸ್ಮರಿಸಿದರು.
EDITOR, PUBLISHER, PRINTER & OWNED BY: H.S.PARAMESH, SRI LAKSHMI NARASIMHA OFFSET PRINTERS, 7TH CROSS, SRIRAMA NAGAR, TUMKUR, DIST-TUMKUR, KARNATAKA, PRINTED AT: SRI LAKSHMI NARASIMHA OFFSET PRINTERS, 7TH CROSS, SRIRAMA NAGAR, TUMKUR, DIST-TUMKUR, KARNATAKA,
